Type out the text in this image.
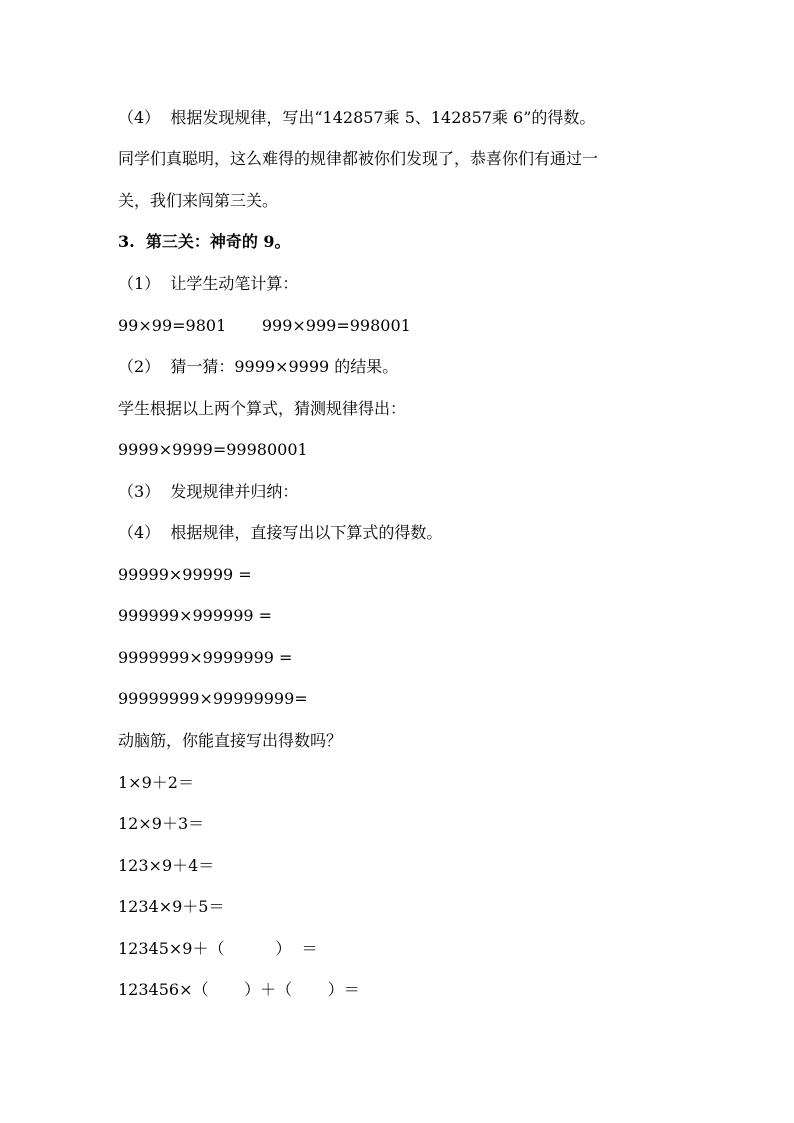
（4）  根据发现规律，写出“142857乘 5、142857乘 6”的得数。
同学们真聪明，这么难得的规律都被你们发现了，恭喜你们有通过一
关，我们来闯第三关。
3.  第三关：神奇的 9。
（1）  让学生动笔计算：
99×99=9801       999×999=998001
（2）  猜一猜：9999×9999 的结果。
学生根据以上两个算式，猜测规律得出：
9999×9999=99980001
（3）  发现规律并归纳：
（4）  根据规律，直接写出以下算式的得数。
99999×99999 =
999999×999999 =
9999999×9999999 =
99999999×99999999=
动脑筋，你能直接写出得数吗？
1×9＋2＝
12×9＋3＝
123×9＋4＝
1234×9＋5＝
12345×9＋（          ）  ＝
123456×（       ）＋（       ）＝
